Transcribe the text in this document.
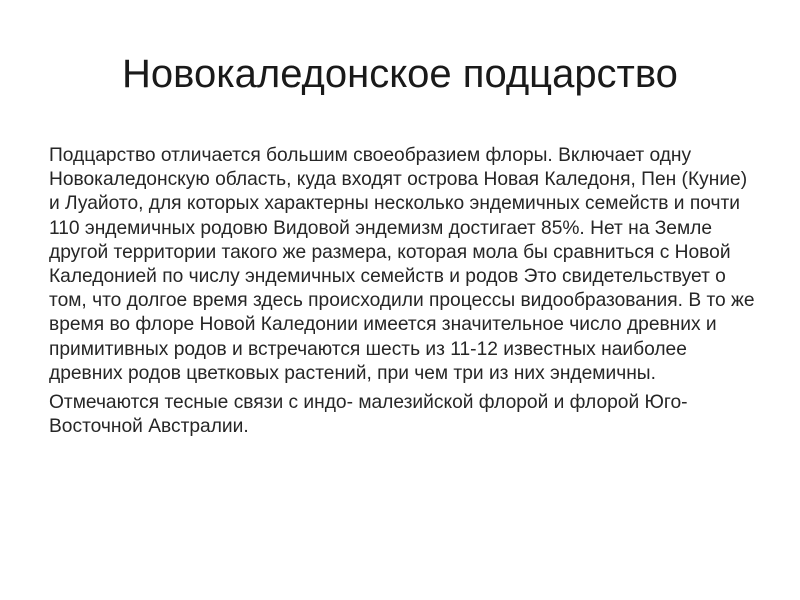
Новокаледонское подцарство

Подцарство отличается большим своеобразием флоры. Включает одну Новокаледонскую область, куда входят острова Новая Каледоня, Пен (Куние) и Луайото, для которых характерны несколько эндемичных семейств и почти 110 эндемичных родовю Видовой эндемизм достигает 85%. Нет на Земле другой территории такого же размера, которая мола бы сравниться с Новой Каледонией по числу эндемичных семейств и родов Это свидетельствует о том, что долгое время здесь происходили процессы видообразования. В то же время во флоре Новой Каледонии имеется значительное число древних и примитивных родов и встречаются шесть из 11-12 известных наиболее древних родов цветковых растений, при чем три из них эндемичны.

Отмечаются тесные связи с индо- малезийской флорой и флорой Юго-Восточной Австралии.
